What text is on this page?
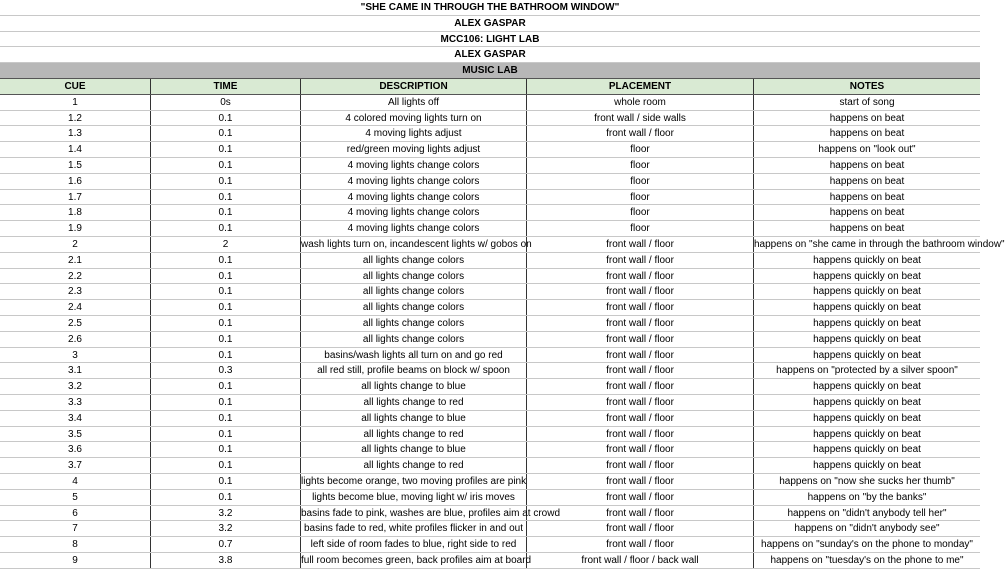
"SHE CAME IN THROUGH THE BATHROOM WINDOW"
ALEX GASPAR
MCC106: LIGHT LAB
ALEX GASPAR
MUSIC LAB
CUE	TIME	DESCRIPTION	PLACEMENT	NOTES
1	0s	All lights off	whole room	start of song
1.2	0.1	4 colored moving lights turn on	front wall / side walls	happens on beat
1.3	0.1	4 moving lights adjust	front wall / floor	happens on beat
1.4	0.1	red/green moving lights adjust	floor	happens on "look out"
1.5	0.1	4 moving lights change colors	floor	happens on beat
1.6	0.1	4 moving lights change colors	floor	happens on beat
1.7	0.1	4 moving lights change colors	floor	happens on beat
1.8	0.1	4 moving lights change colors	floor	happens on beat
1.9	0.1	4 moving lights change colors	floor	happens on beat
2	2	wash lights turn on, incandescent lights w/ gobos on	front wall / floor	happens on "she came in through the bathroom window"
2.1	0.1	all lights change colors	front wall / floor	happens quickly on beat
2.2	0.1	all lights change colors	front wall / floor	happens quickly on beat
2.3	0.1	all lights change colors	front wall / floor	happens quickly on beat
2.4	0.1	all lights change colors	front wall / floor	happens quickly on beat
2.5	0.1	all lights change colors	front wall / floor	happens quickly on beat
2.6	0.1	all lights change colors	front wall / floor	happens quickly on beat
3	0.1	basins/wash lights all turn on and go red	front wall / floor	happens quickly on beat
3.1	0.3	all red still, profile beams on block w/ spoon	front wall / floor	happens on "protected by a silver spoon"
3.2	0.1	all lights change to blue	front wall / floor	happens quickly on beat
3.3	0.1	all lights change to red	front wall / floor	happens quickly on beat
3.4	0.1	all lights change to blue	front wall / floor	happens quickly on beat
3.5	0.1	all lights change to red	front wall / floor	happens quickly on beat
3.6	0.1	all lights change to blue	front wall / floor	happens quickly on beat
3.7	0.1	all lights change to red	front wall / floor	happens quickly on beat
4	0.1	lights become orange, two moving profiles are pink	front wall / floor	happens on "now she sucks her thumb"
5	0.1	lights become blue, moving light w/ iris moves	front wall / floor	happens on "by the banks"
6	3.2	basins fade to pink, washes are blue, profiles aim at crowd	front wall / floor	happens on "didn't anybody tell her"
7	3.2	basins fade to red, white profiles flicker in and out	front wall / floor	happens on "didn't anybody see"
8	0.7	left side of room fades to blue, right side to red	front wall / floor	happens on "sunday's on the phone to monday"
9	3.8	full room becomes green, back profiles aim at board	front wall / floor / back wall	happens on "tuesday's on the phone to me"
